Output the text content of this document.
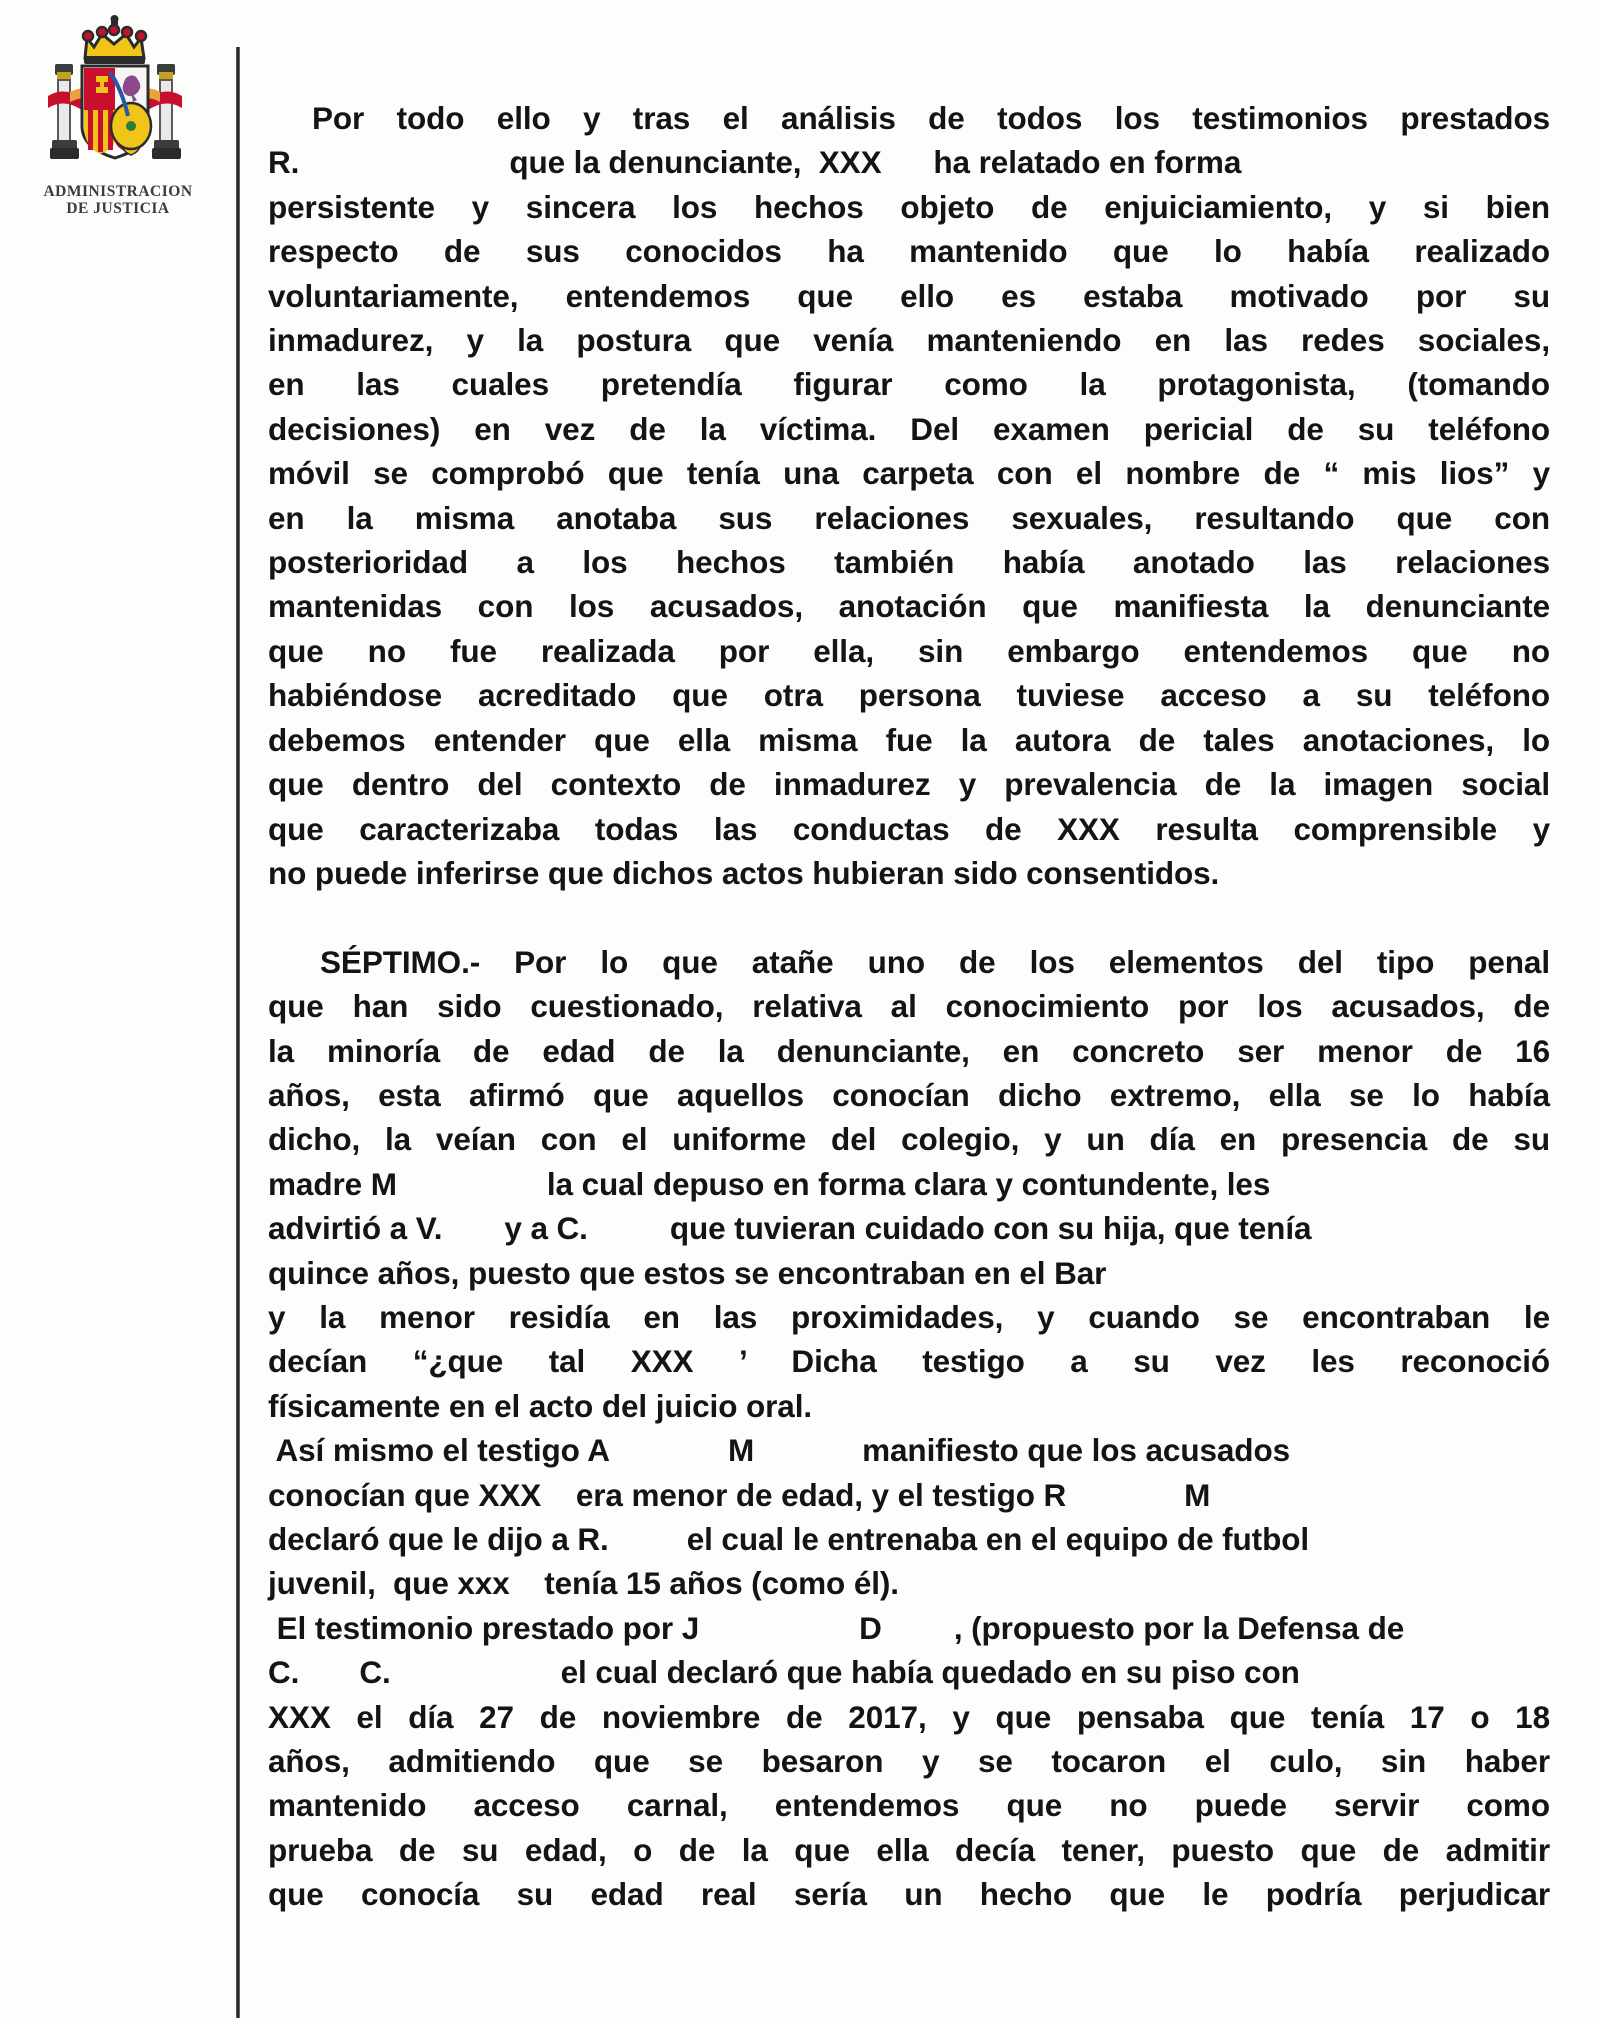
ADMINISTRACION
DE JUSTICIA
Por todo ello y tras el análisis de todos los testimonios prestados
R.	que la denunciante,  XXX      ha relatado en forma
persistente y sincera los hechos objeto de enjuiciamiento, y si bien
respecto de sus conocidos ha mantenido que lo había realizado
voluntariamente, entendemos que ello es estaba motivado por su
inmadurez, y la postura que venía manteniendo en las redes sociales,
en las cuales pretendía figurar como la protagonista, (tomando
decisiones) en vez de la víctima. Del examen pericial de su teléfono
móvil se comprobó que tenía una carpeta con el nombre de “ mis lios” y
en la misma anotaba sus relaciones sexuales, resultando que con
posterioridad a los hechos también había anotado las relaciones
mantenidas con los acusados, anotación que manifiesta la denunciante
que no fue realizada por ella, sin embargo entendemos que no
habiéndose acreditado que otra persona tuviese acceso a su teléfono
debemos entender que ella misma fue la autora de tales anotaciones, lo
que dentro del contexto de inmadurez y prevalencia de la imagen social
que caracterizaba todas las conductas de XXX resulta comprensible y
no puede inferirse que dichos actos hubieran sido consentidos.
SÉPTIMO.- Por lo que atañe uno de los elementos del tipo penal
que han sido cuestionado, relativa al conocimiento por los acusados, de
la minoría de edad de la denunciante, en concreto ser menor de 16
años, esta afirmó que aquellos conocían dicho extremo, ella se lo había
dicho, la veían con el uniforme del colegio, y un día en presencia de su
madre M	la cual depuso en forma clara y contundente, les
advirtió a V. y a C.	que tuvieran cuidado con su hija, que tenía
quince años, puesto que estos se encontraban en el Bar
y la menor residía en las proximidades, y cuando se encontraban le
decían “¿que tal XXX ’ Dicha testigo a su vez les reconoció
físicamente en el acto del juicio oral.
Así mismo el testigo A	M	manifiesto que los acusados
conocían que XXX    era menor de edad, y el testigo R	M
declaró que le dijo a R. el cual le entrenaba en el equipo de futbol
juvenil,  que xxx    tenía 15 años (como él).
El testimonio prestado por J	D , (propuesto por la Defensa de
C. C.	el cual declaró que había quedado en su piso con
XXX el día 27 de noviembre de 2017, y que pensaba que tenía 17 o 18
años, admitiendo que se besaron y se tocaron el culo, sin haber
mantenido acceso carnal, entendemos que no puede servir como
prueba de su edad, o de la que ella decía tener, puesto que de admitir
que conocía su edad real sería un hecho que le podría perjudicar
